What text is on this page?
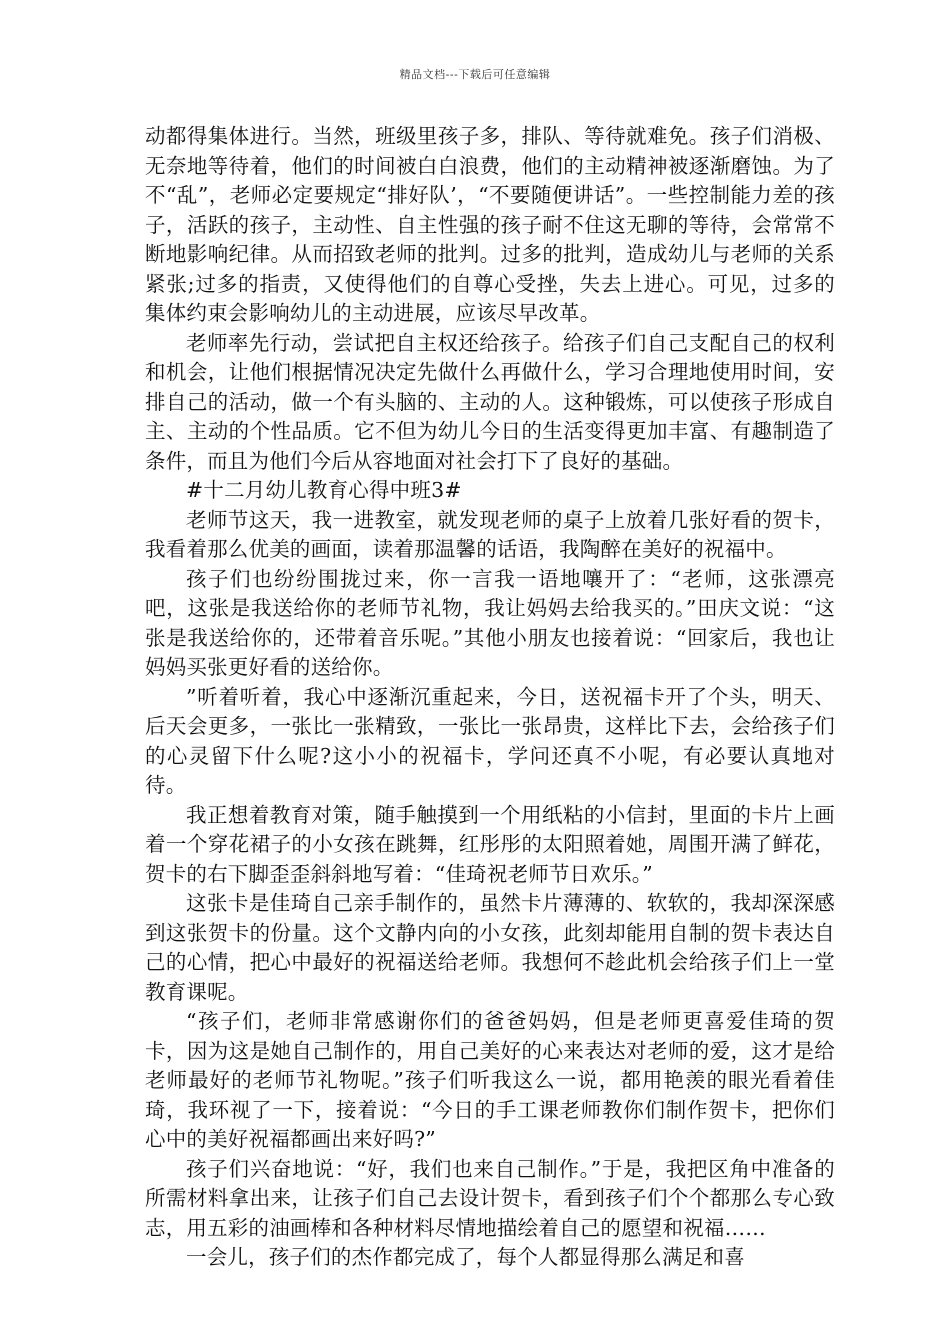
精品文档---下载后可任意编辑

动都得集体进行。当然，班级里孩子多，排队、等待就难免。孩子们消极、无奈地等待着，他们的时间被白白浪费，他们的主动精神被逐渐磨蚀。为了不“乱”，老师必定要规定“排好队’，“不要随便讲话”。一些控制能力差的孩子，活跃的孩子，主动性、自主性强的孩子耐不住这无聊的等待，会常常不断地影响纪律。从而招致老师的批判。过多的批判，造成幼儿与老师的关系紧张;过多的指责，又使得他们的自尊心受挫，失去上进心。可见，过多的集体约束会影响幼儿的主动进展，应该尽早改革。

老师率先行动，尝试把自主权还给孩子。给孩子们自己支配自己的权利和机会，让他们根据情况决定先做什么再做什么，学习合理地使用时间，安排自己的活动，做一个有头脑的、主动的人。这种锻炼，可以使孩子形成自主、主动的个性品质。它不但为幼儿今日的生活变得更加丰富、有趣制造了条件，而且为他们今后从容地面对社会打下了良好的基础。

#十二月幼儿教育心得中班3#

老师节这天，我一进教室，就发现老师的桌子上放着几张好看的贺卡，我看着那么优美的画面，读着那温馨的话语，我陶醉在美好的祝福中。

孩子们也纷纷围拢过来，你一言我一语地嚷开了：“老师，这张漂亮吧，这张是我送给你的老师节礼物，我让妈妈去给我买的。”田庆文说：“这张是我送给你的，还带着音乐呢。”其他小朋友也接着说：“回家后，我也让妈妈买张更好看的送给你。

”听着听着，我心中逐渐沉重起来，今日，送祝福卡开了个头，明天、后天会更多，一张比一张精致，一张比一张昂贵，这样比下去，会给孩子们的心灵留下什么呢?这小小的祝福卡，学问还真不小呢，有必要认真地对待。

我正想着教育对策，随手触摸到一个用纸粘的小信封，里面的卡片上画着一个穿花裙子的小女孩在跳舞，红彤彤的太阳照着她，周围开满了鲜花，贺卡的右下脚歪歪斜斜地写着：“佳琦祝老师节日欢乐。”

这张卡是佳琦自己亲手制作的，虽然卡片薄薄的、软软的，我却深深感到这张贺卡的份量。这个文静内向的小女孩，此刻却能用自制的贺卡表达自己的心情，把心中最好的祝福送给老师。我想何不趁此机会给孩子们上一堂教育课呢。

“孩子们，老师非常感谢你们的爸爸妈妈，但是老师更喜爱佳琦的贺卡，因为这是她自己制作的，用自己美好的心来表达对老师的爱，这才是给老师最好的老师节礼物呢。”孩子们听我这么一说，都用艳羡的眼光看着佳琦，我环视了一下，接着说：“今日的手工课老师教你们制作贺卡，把你们心中的美好祝福都画出来好吗?”

孩子们兴奋地说：“好，我们也来自己制作。”于是，我把区角中准备的所需材料拿出来，让孩子们自己去设计贺卡，看到孩子们个个都那么专心致志，用五彩的油画棒和各种材料尽情地描绘着自己的愿望和祝福……

一会儿，孩子们的杰作都完成了，每个人都显得那么满足和喜
